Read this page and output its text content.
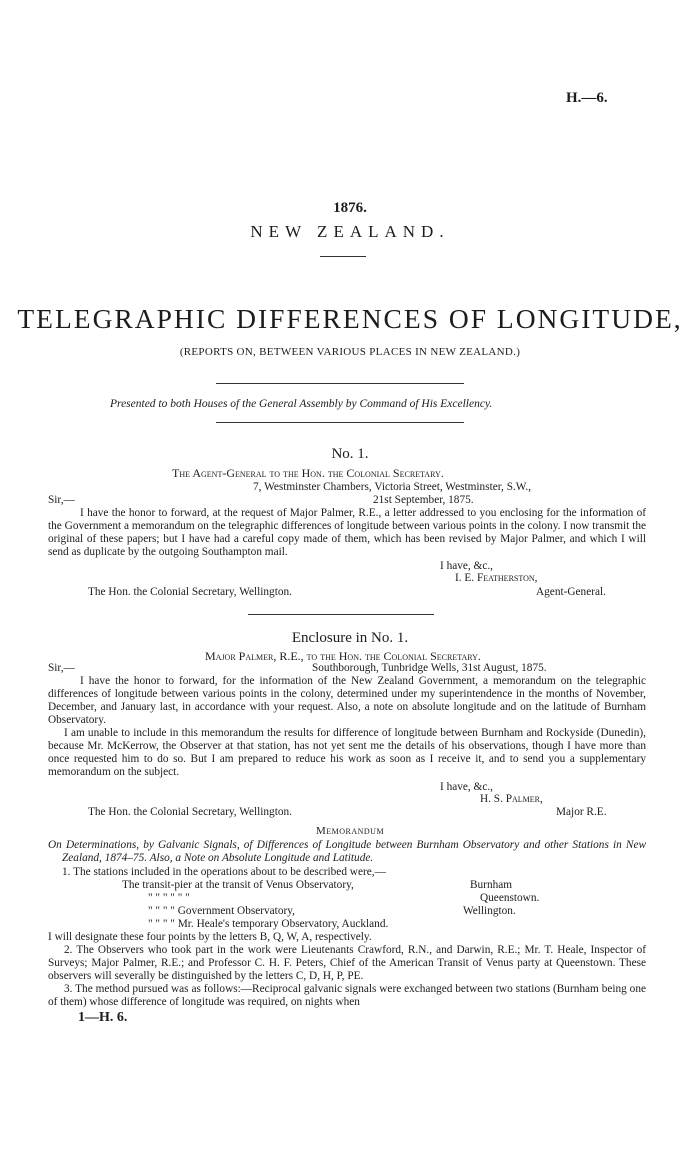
H.—6.
1876.
NEW ZEALAND.
TELEGRAPHIC DIFFERENCES OF LONGITUDE,
(REPORTS ON, BETWEEN VARIOUS PLACES IN NEW ZEALAND.)
Presented to both Houses of the General Assembly by Command of His Excellency.
No. 1.
The Agent-General to the Hon. the Colonial Secretary.
7, Westminster Chambers, Victoria Street, Westminster, S.W.,
Sir,—	21st September, 1875.
I have the honor to forward, at the request of Major Palmer, R.E., a letter addressed to you enclosing for the information of the Government a memorandum on the telegraphic differences of longitude between various points in the colony. I now transmit the original of these papers; but I have had a careful copy made of them, which has been revised by Major Palmer, and which I will send as duplicate by the outgoing Southampton mail.
I have, &c.,
I. E. Featherston,
The Hon. the Colonial Secretary, Wellington.	Agent-General.
Enclosure in No. 1.
Major Palmer, R.E., to the Hon. the Colonial Secretary.
Sir,—	Southborough, Tunbridge Wells, 31st August, 1875.
I have the honor to forward, for the information of the New Zealand Government, a memorandum on the telegraphic differences of longitude between various points in the colony, determined under my superintendence in the months of November, December, and January last, in accordance with your request. Also, a note on absolute longitude and on the latitude of Burnham Observatory.
I am unable to include in this memorandum the results for difference of longitude between Burnham and Rockyside (Dunedin), because Mr. McKerrow, the Observer at that station, has not yet sent me the details of his observations, though I have more than once requested him to do so. But I am prepared to reduce his work as soon as I receive it, and to send you a supplementary memorandum on the subject.
I have, &c.,
H. S. Palmer,
The Hon. the Colonial Secretary, Wellington.	Major R.E.
Memorandum
On Determinations, by Galvanic Signals, of Differences of Longitude between Burnham Observatory and other Stations in New Zealand, 1874–75. Also, a Note on Absolute Longitude and Latitude.
1. The stations included in the operations about to be described were,—
The transit-pier at the transit of Venus Observatory,	Burnham
" " " " " "	Queenstown.
" " " " Government Observatory,	Wellington.
" " " " Mr. Heale's temporary Observatory, Auckland.
I will designate these four points by the letters B, Q, W, A, respectively.
2. The Observers who took part in the work were Lieutenants Crawford, R.N., and Darwin, R.E.; Mr. T. Heale, Inspector of Surveys; Major Palmer, R.E.; and Professor C. H. F. Peters, Chief of the American Transit of Venus party at Queenstown. These observers will severally be distinguished by the letters C, D, H, P, PE.
3. The method pursued was as follows:—Reciprocal galvanic signals were exchanged between two stations (Burnham being one of them) whose difference of longitude was required, on nights when
1—H. 6.
